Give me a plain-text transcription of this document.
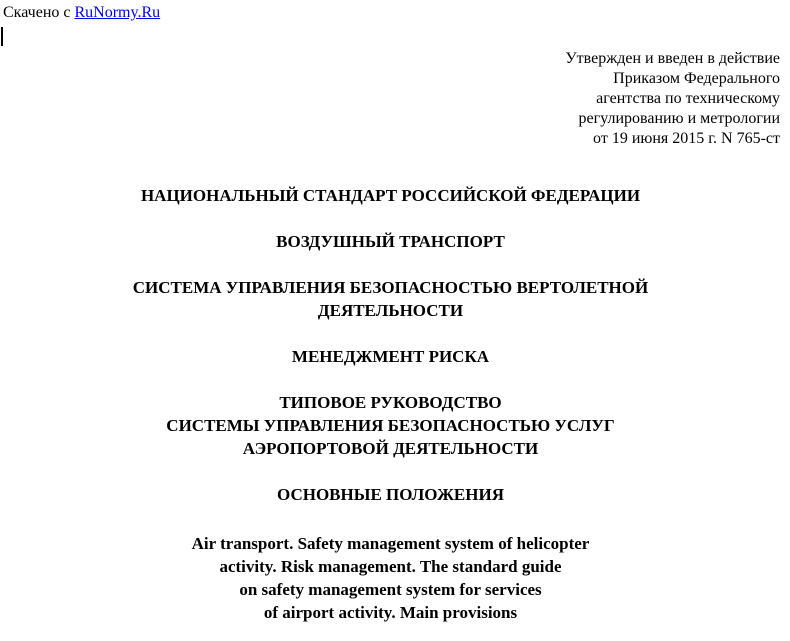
Скачено с RuNormy.Ru
Утвержден и введен в действие
Приказом Федерального
агентства по техническому
регулированию и метрологии
от 19 июня 2015 г. N 765-ст
НАЦИОНАЛЬНЫЙ СТАНДАРТ РОССИЙСКОЙ ФЕДЕРАЦИИ
ВОЗДУШНЫЙ ТРАНСПОРТ
СИСТЕМА УПРАВЛЕНИЯ БЕЗОПАСНОСТЬЮ ВЕРТОЛЕТНОЙ
ДЕЯТЕЛЬНОСТИ
МЕНЕДЖМЕНТ РИСКА
ТИПОВОЕ РУКОВОДСТВО
СИСТЕМЫ УПРАВЛЕНИЯ БЕЗОПАСНОСТЬЮ УСЛУГ
АЭРОПОРТОВОЙ ДЕЯТЕЛЬНОСТИ
ОСНОВНЫЕ ПОЛОЖЕНИЯ
Air transport. Safety management system of helicopter
activity. Risk management. The standard guide
on safety management system for services
of airport activity. Main provisions
